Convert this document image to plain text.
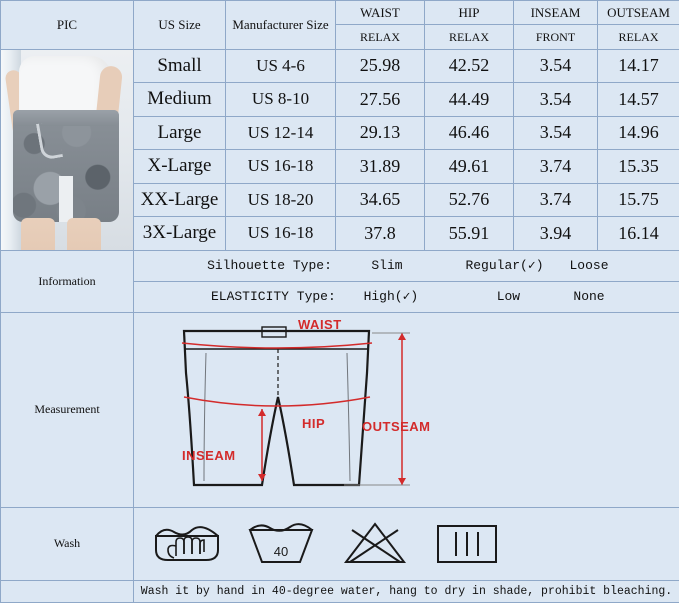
PIC	US Size	Manufacturer Size	WAIST	HIP	INSEAM	OUTSEAM
			RELAX	RELAX	FRONT	RELAX

	Small	US 4-6	25.98	42.52	3.54	14.17
	Medium	US 8-10	27.56	44.49	3.54	14.57
	Large	US 12-14	29.13	46.46	3.54	14.96
	X-Large	US 16-18	31.89	49.61	3.74	15.35
	XX-Large	US 18-20	34.65	52.76	3.74	15.75
	3X-Large	US 16-18	37.8	55.91	3.94	16.14
Information	Silhouette Type: Slim Regular(✓) Loose					
	ELASTICITY Type: High(✓) Low None					
Measurement	WAIST
HIP
INSEAM
OUTSEAM					

Wash	40					

	Wash it by hand in 40-degree water, hang to dry in shade, prohibit bleaching.					
